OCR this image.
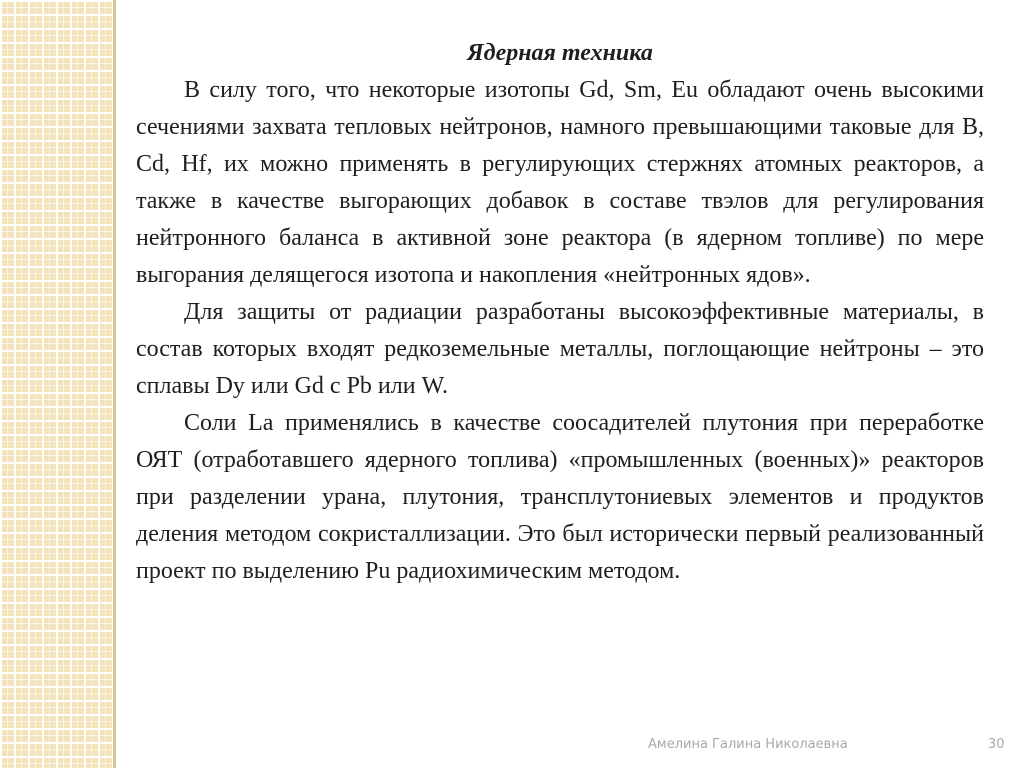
Ядерная техника

В силу того, что некоторые изотопы Gd, Sm, Eu обладают очень высокими сечениями захвата тепловых нейтронов, намного превышающими таковые для B, Cd, Hf, их можно применять в регулирующих стержнях атомных реакторов, а также в качестве выгорающих добавок в составе твэлов для регулирования нейтронного баланса в активной зоне реактора (в ядерном топливе) по мере выгорания делящегося изотопа и накопления «нейтронных ядов».

Для защиты от радиации разработаны высокоэффективные материалы, в состав которых входят редкоземельные металлы, поглощающие нейтроны – это сплавы Dy или Gd с Pb или W.

Соли La применялись в качестве соосадителей плутония при переработке ОЯТ (отработавшего ядерного топлива) «промышленных (военных)» реакторов при разделении урана, плутония, трансплутониевых элементов и продуктов деления методом сокристаллизации. Это был исторически первый реализованный проект по выделению Pu радиохимическим методом.

Амелина Галина Николаевна	30
